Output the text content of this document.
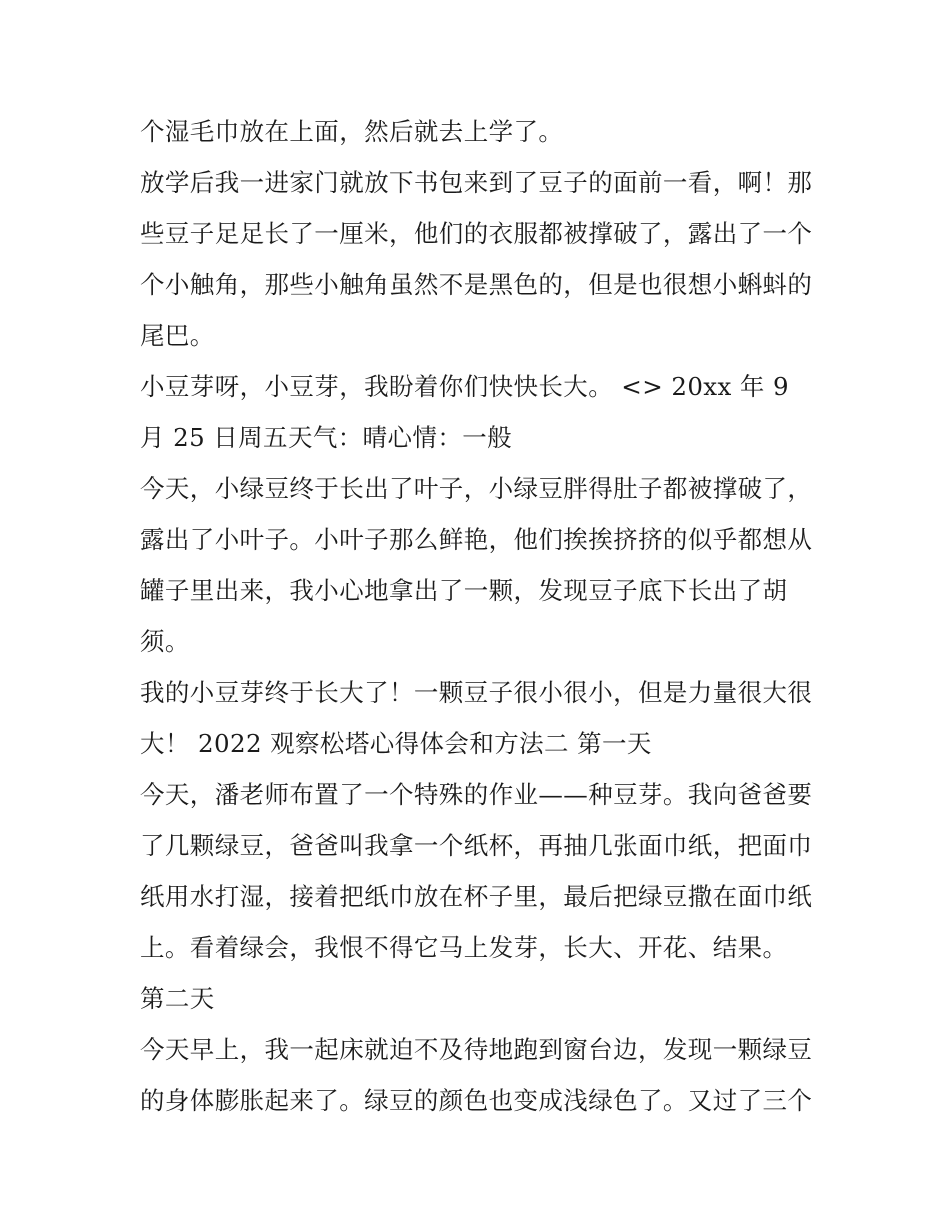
个湿毛巾放在上面，然后就去上学了。

放学后我一进家门就放下书包来到了豆子的面前一看，啊！那些豆子足足长了一厘米，他们的衣服都被撑破了，露出了一个个小触角，那些小触角虽然不是黑色的，但是也很想小蝌蚪的尾巴。

小豆芽呀，小豆芽，我盼着你们快快长大。 <> 20xx 年 9 月 25 日周五天气：晴心情：一般

今天，小绿豆终于长出了叶子，小绿豆胖得肚子都被撑破了，露出了小叶子。小叶子那么鲜艳，他们挨挨挤挤的似乎都想从罐子里出来，我小心地拿出了一颗，发现豆子底下长出了胡须。

我的小豆芽终于长大了！一颗豆子很小很小，但是力量很大很大！ 2022 观察松塔心得体会和方法二 第一天

今天，潘老师布置了一个特殊的作业——种豆芽。我向爸爸要了几颗绿豆，爸爸叫我拿一个纸杯，再抽几张面巾纸，把面巾纸用水打湿，接着把纸巾放在杯子里，最后把绿豆撒在面巾纸上。看着绿会，我恨不得它马上发芽，长大、开花、结果。

第二天

今天早上，我一起床就迫不及待地跑到窗台边，发现一颗绿豆的身体膨胀起来了。绿豆的颜色也变成浅绿色了。又过了三个
